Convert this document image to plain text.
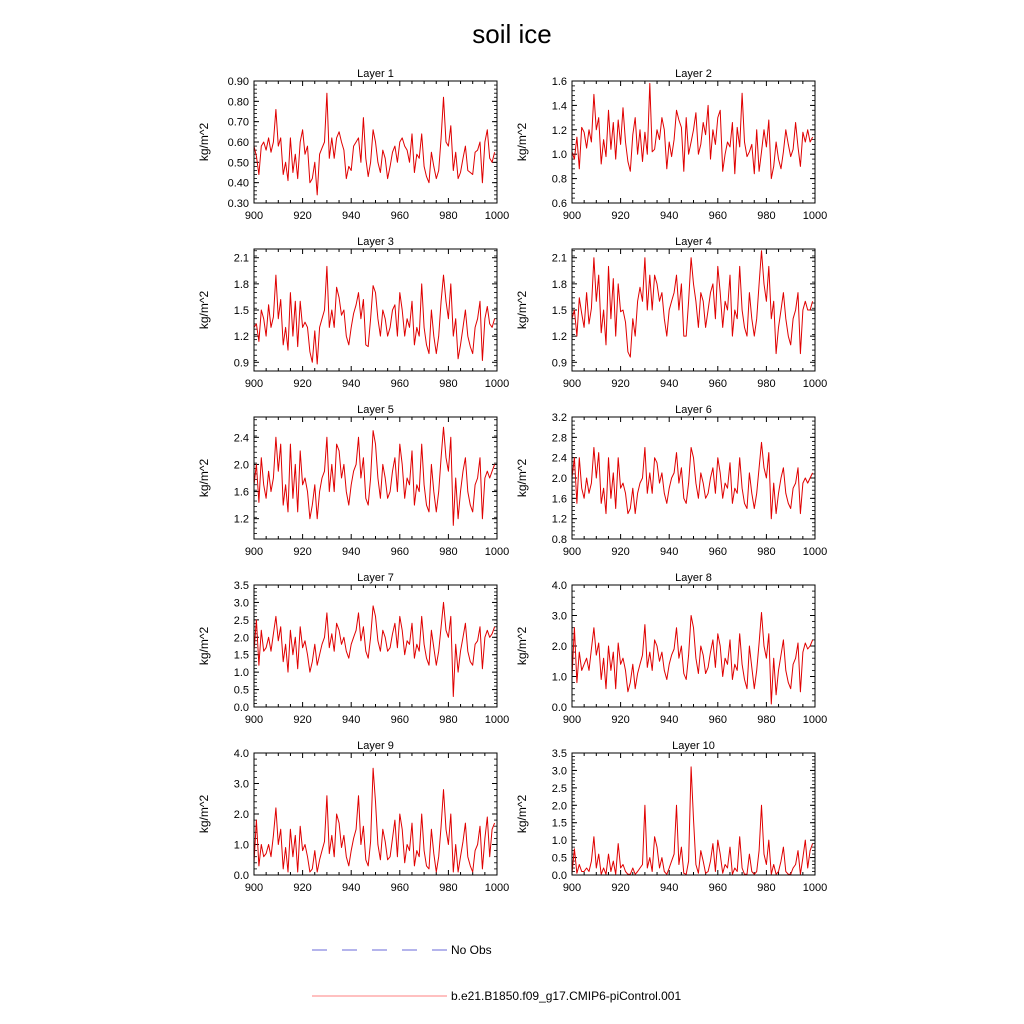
soil ice
Layer 1
kg/m^2
0.30
0.40
0.50
0.60
0.70
0.80
0.90
900	920	940	960	980 1000
Layer 2
kg/m^2
0.6
0.8
1.0
1.2
1.4
1.6
900	920	940	960	980 1000
Layer 3
kg/m^2
0.9
1.2
1.5
1.8
2.1
900	920	940	960	980 1000
Layer 4
kg/m^2
0.9
1.2
1.5
1.8
2.1
900	920	940	960	980 1000
Layer 5
kg/m^2
1.2
1.6
2.0
2.4
900	920	940	960	980 1000
Layer 6
kg/m^2
0.8
1.2
1.6
2.0
2.4
2.8
3.2
900	920	940	960	980 1000
Layer 7
kg/m^2
0.0
0.5
1.0
1.5
2.0
2.5
3.0
3.5
900	920	940	960	980 1000
Layer 8
kg/m^2
0.0
1.0
2.0
3.0
4.0
900	920	940	960	980 1000
Layer 9
kg/m^2
0.0
1.0
2.0
3.0
4.0
900	920	940	960	980 1000
Layer 10
kg/m^2
0.0
0.5
1.0
1.5
2.0
2.5
3.0
3.5
900	920	940	960	980 1000
No Obs
b.e21.B1850.f09_g17.CMIP6-piControl.001
